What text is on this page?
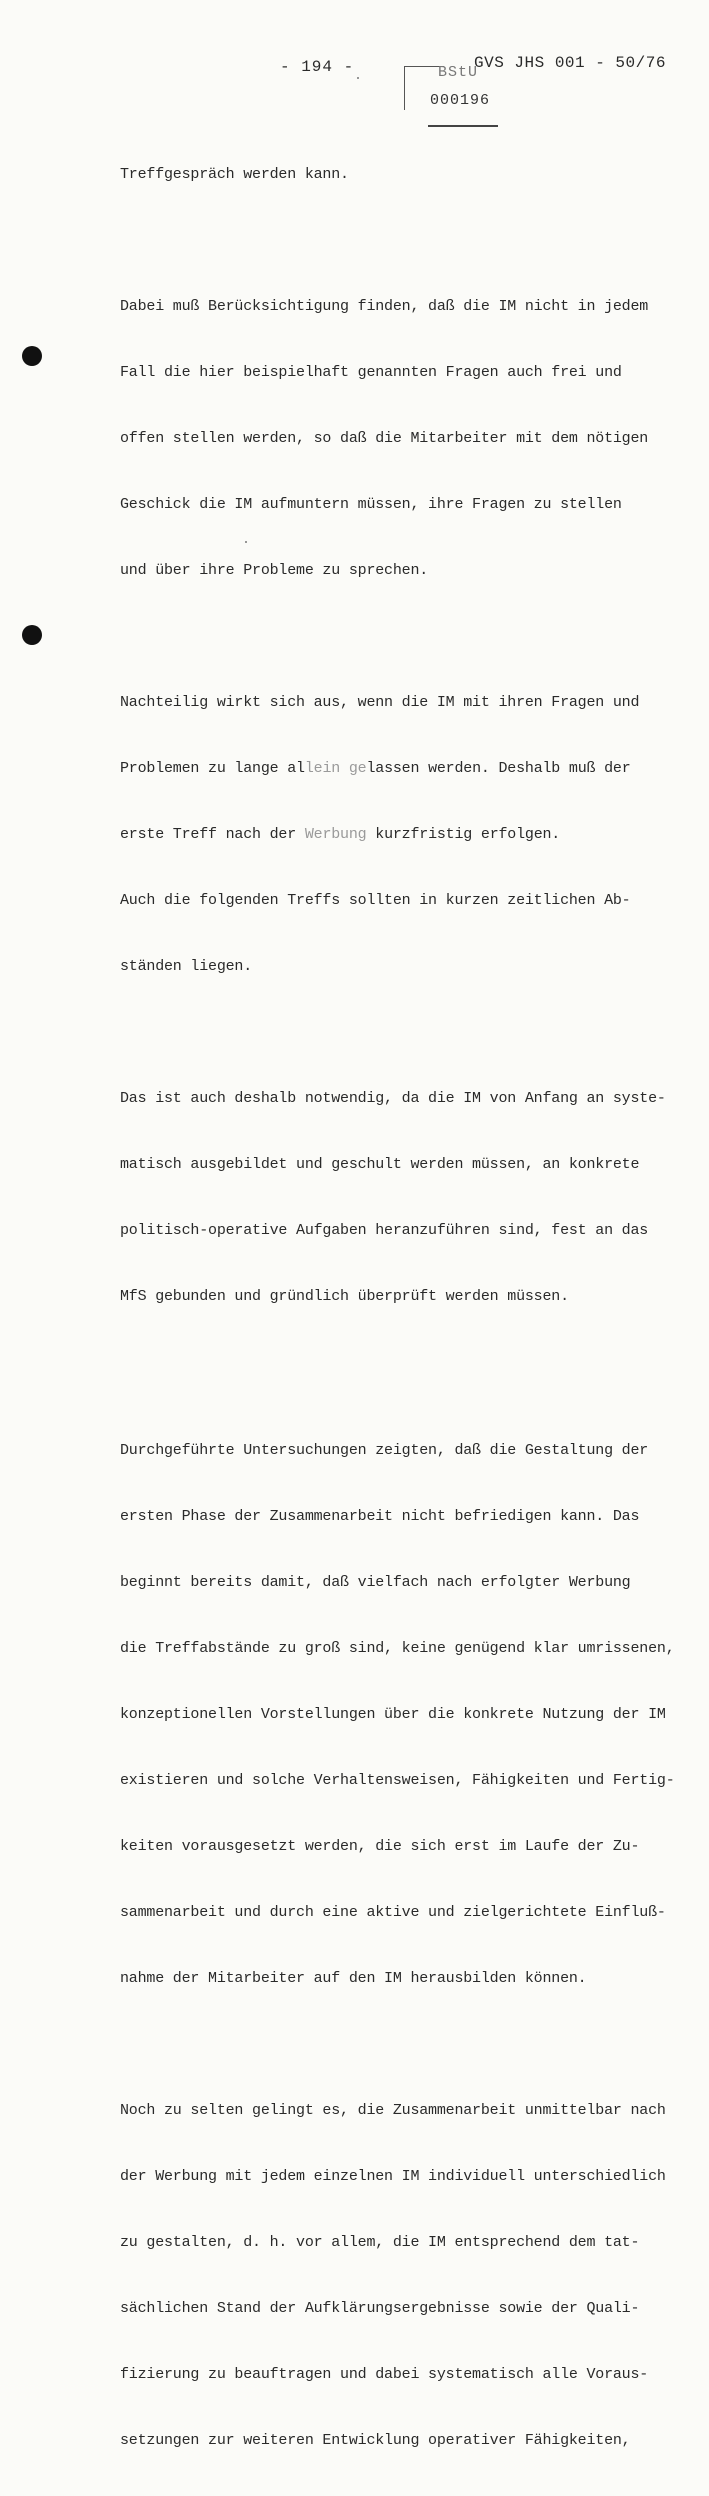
- 194 -	GVS JHS 001 - 50/76
BStU
000196

Treffgespräch werden kann.

Dabei muß Berücksichtigung finden, daß die IM nicht in jedem

Fall die hier beispielhaft genannten Fragen auch frei und

offen stellen werden, so daß die Mitarbeiter mit dem nötigen

Geschick die IM aufmuntern müssen, ihre Fragen zu stellen

und über ihre Probleme zu sprechen.

Nachteilig wirkt sich aus, wenn die IM mit ihren Fragen und

Problemen zu lange allein gelassen werden. Deshalb muß der

erste Treff nach der Werbung kurzfristig erfolgen.

Auch die folgenden Treffs sollten in kurzen zeitlichen Ab-

ständen liegen.

Das ist auch deshalb notwendig, da die IM von Anfang an syste-

matisch ausgebildet und geschult werden müssen, an konkrete

politisch-operative Aufgaben heranzuführen sind, fest an das

MfS gebunden und gründlich überprüft werden müssen.

Durchgeführte Untersuchungen zeigten, daß die Gestaltung der

ersten Phase der Zusammenarbeit nicht befriedigen kann. Das

beginnt bereits damit, daß vielfach nach erfolgter Werbung

die Treffabstände zu groß sind, keine genügend klar umrissenen,

konzeptionellen Vorstellungen über die konkrete Nutzung der IM

existieren und solche Verhaltensweisen, Fähigkeiten und Fertig-

keiten vorausgesetzt werden, die sich erst im Laufe der Zu-

sammenarbeit und durch eine aktive und zielgerichtete Einfluß-

nahme der Mitarbeiter auf den IM herausbilden können.

Noch zu selten gelingt es, die Zusammenarbeit unmittelbar nach

der Werbung mit jedem einzelnen IM individuell unterschiedlich

zu gestalten, d. h. vor allem, die IM entsprechend dem tat-

sächlichen Stand der Aufklärungsergebnisse sowie der Quali-

fizierung zu beauftragen und dabei systematisch alle Voraus-

setzungen zur weiteren Entwicklung operativer Fähigkeiten,
